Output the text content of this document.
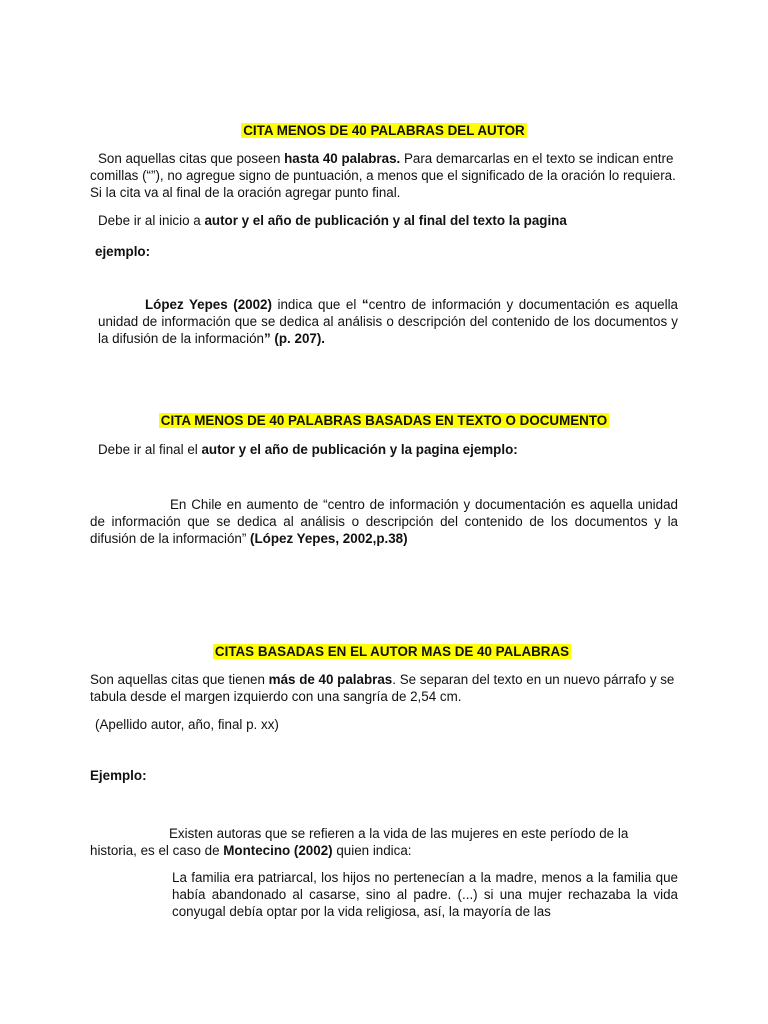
CITA MENOS DE 40 PALABRAS DEL AUTOR

Son aquellas citas que poseen hasta 40 palabras. Para demarcarlas en el texto se indican entre comillas (“”), no agregue signo de puntuación, a menos que el significado de la oración lo requiera. Si la cita va al final de la oración agregar punto final.

Debe ir al inicio a autor y el año de publicación y al final del texto la pagina

ejemplo:

López Yepes (2002) indica que el “centro de información y documentación es aquella unidad de información que se dedica al análisis o descripción del contenido de los documentos y la difusión de la información” (p. 207).

CITA MENOS DE 40 PALABRAS BASADAS EN TEXTO O DOCUMENTO

Debe ir al final el autor y el año de publicación y la pagina ejemplo:

En Chile en aumento de “centro de información y documentación es aquella unidad de información que se dedica al análisis o descripción del contenido de los documentos y la difusión de la información” (López Yepes, 2002,p.38)

CITAS BASADAS EN EL AUTOR MAS DE 40 PALABRAS

Son aquellas citas que tienen más de 40 palabras. Se separan del texto en un nuevo párrafo y se tabula desde el margen izquierdo con una sangría de 2,54 cm.

(Apellido autor, año, final p. xx)

Ejemplo:

Existen autoras que se refieren a la vida de las mujeres en este período de la historia, es el caso de Montecino (2002) quien indica:

La familia era patriarcal, los hijos no pertenecían a la madre, menos a la familia que había abandonado al casarse, sino al padre. (...) si una mujer rechazaba la vida conyugal debía optar por la vida religiosa, así, la mayoría de las
